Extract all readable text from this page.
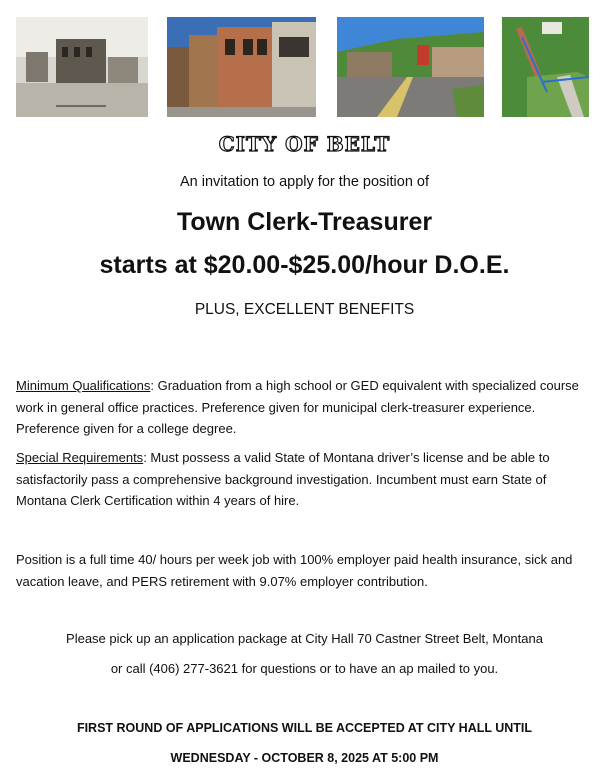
CITY OF BELT
An invitation to apply for the position of
Town Clerk-Treasurer
starts at $20.00-$25.00/hour D.O.E.
PLUS, EXCELLENT BENEFITS
Minimum Qualifications: Graduation from a high school or GED equivalent with specialized course work in general office practices. Preference given for municipal clerk-treasurer experience. Preference given for a college degree.
Special Requirements: Must possess a valid State of Montana driver’s license and be able to satisfactorily pass a comprehensive background investigation. Incumbent must earn State of Montana Clerk Certification within 4 years of hire.
Position is a full time 40/ hours per week job with 100% employer paid health insurance, sick and vacation leave, and PERS retirement with 9.07% employer contribution.
Please pick up an application package at City Hall 70 Castner Street Belt, Montana
or call (406) 277-3621 for questions or to have an ap mailed to you.
FIRST ROUND OF APPLICATIONS WILL BE ACCEPTED AT CITY HALL UNTIL
WEDNESDAY - OCTOBER 8, 2025 AT 5:00 PM
